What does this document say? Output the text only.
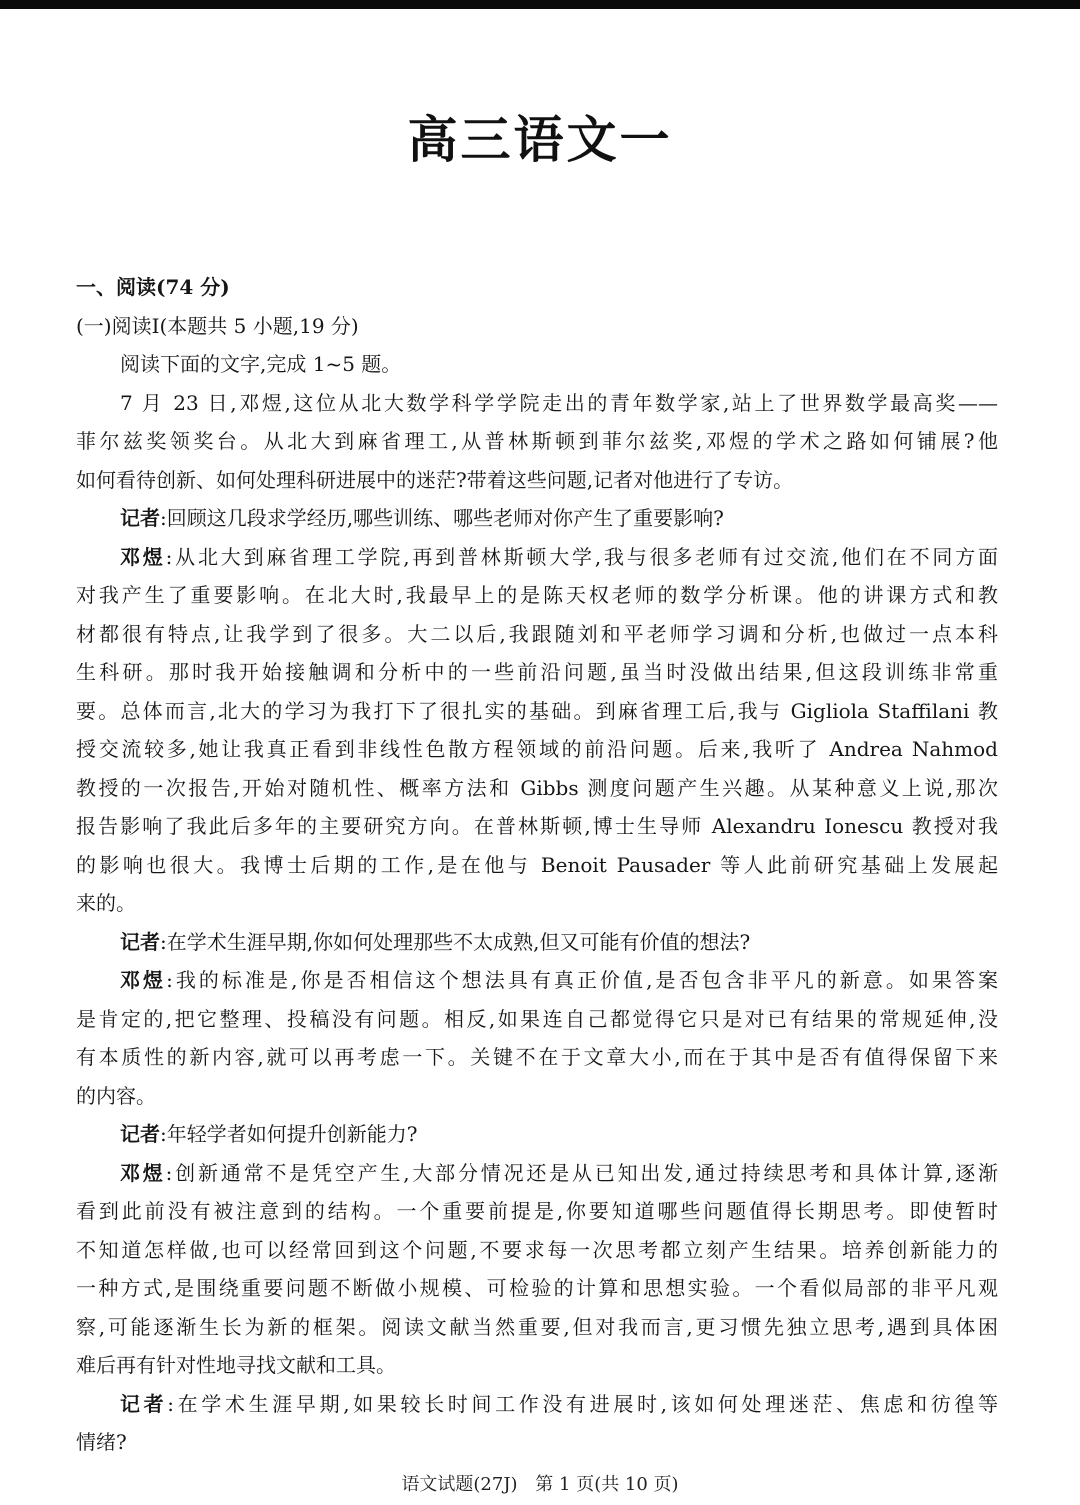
高三语文一
一、阅读(74 分)
(一)阅读Ⅰ(本题共 5 小题,19 分)
阅读下面的文字,完成 1~5 题。
7 月 23 日,邓煜,这位从北大数学科学学院走出的青年数学家,站上了世界数学最高奖——
菲尔兹奖领奖台。从北大到麻省理工,从普林斯顿到菲尔兹奖,邓煜的学术之路如何铺展?他
如何看待创新、如何处理科研进展中的迷茫?带着这些问题,记者对他进行了专访。
记者:回顾这几段求学经历,哪些训练、哪些老师对你产生了重要影响?
邓煜:从北大到麻省理工学院,再到普林斯顿大学,我与很多老师有过交流,他们在不同方面
对我产生了重要影响。在北大时,我最早上的是陈天权老师的数学分析课。他的讲课方式和教
材都很有特点,让我学到了很多。大二以后,我跟随刘和平老师学习调和分析,也做过一点本科
生科研。那时我开始接触调和分析中的一些前沿问题,虽当时没做出结果,但这段训练非常重
要。总体而言,北大的学习为我打下了很扎实的基础。到麻省理工后,我与 Gigliola Staffilani 教
授交流较多,她让我真正看到非线性色散方程领域的前沿问题。后来,我听了 Andrea Nahmod
教授的一次报告,开始对随机性、概率方法和 Gibbs 测度问题产生兴趣。从某种意义上说,那次
报告影响了我此后多年的主要研究方向。在普林斯顿,博士生导师 Alexandru Ionescu 教授对我
的影响也很大。我博士后期的工作,是在他与 Benoit Pausader 等人此前研究基础上发展起
来的。
记者:在学术生涯早期,你如何处理那些不太成熟,但又可能有价值的想法?
邓煜:我的标准是,你是否相信这个想法具有真正价值,是否包含非平凡的新意。如果答案
是肯定的,把它整理、投稿没有问题。相反,如果连自己都觉得它只是对已有结果的常规延伸,没
有本质性的新内容,就可以再考虑一下。关键不在于文章大小,而在于其中是否有值得保留下来
的内容。
记者:年轻学者如何提升创新能力?
邓煜:创新通常不是凭空产生,大部分情况还是从已知出发,通过持续思考和具体计算,逐渐
看到此前没有被注意到的结构。一个重要前提是,你要知道哪些问题值得长期思考。即使暂时
不知道怎样做,也可以经常回到这个问题,不要求每一次思考都立刻产生结果。培养创新能力的
一种方式,是围绕重要问题不断做小规模、可检验的计算和思想实验。一个看似局部的非平凡观
察,可能逐渐生长为新的框架。阅读文献当然重要,但对我而言,更习惯先独立思考,遇到具体困
难后再有针对性地寻找文献和工具。
记者:在学术生涯早期,如果较长时间工作没有进展时,该如何处理迷茫、焦虑和彷徨等
情绪?
语文试题(27J) 第 1 页(共 10 页)
